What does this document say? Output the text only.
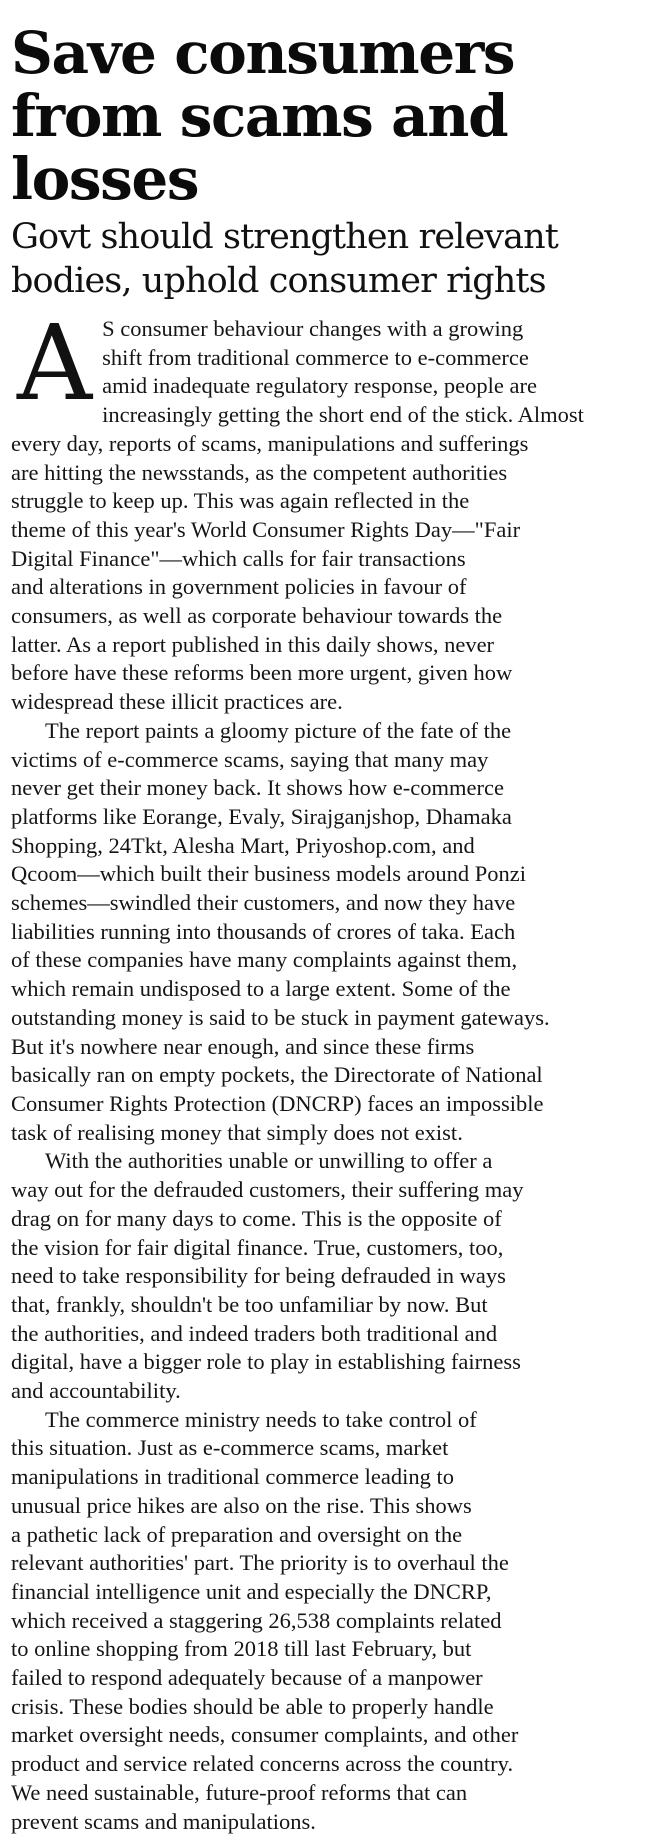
Save consumers
from scams and
losses
Govt should strengthen relevant
bodies, uphold consumer rights
A S consumer behaviour changes with a growing
shift from traditional commerce to e-commerce
amid inadequate regulatory response, people are
increasingly getting the short end of the stick. Almost
every day, reports of scams, manipulations and sufferings
are hitting the newsstands, as the competent authorities
struggle to keep up. This was again reflected in the
theme of this year's World Consumer Rights Day—"Fair
Digital Finance"—which calls for fair transactions
and alterations in government policies in favour of
consumers, as well as corporate behaviour towards the
latter. As a report published in this daily shows, never
before have these reforms been more urgent, given how
widespread these illicit practices are.
The report paints a gloomy picture of the fate of the
victims of e-commerce scams, saying that many may
never get their money back. It shows how e-commerce
platforms like Eorange, Evaly, Sirajganjshop, Dhamaka
Shopping, 24Tkt, Alesha Mart, Priyoshop.com, and
Qcoom—which built their business models around Ponzi
schemes—swindled their customers, and now they have
liabilities running into thousands of crores of taka. Each
of these companies have many complaints against them,
which remain undisposed to a large extent. Some of the
outstanding money is said to be stuck in payment gateways.
But it's nowhere near enough, and since these firms
basically ran on empty pockets, the Directorate of National
Consumer Rights Protection (DNCRP) faces an impossible
task of realising money that simply does not exist.
With the authorities unable or unwilling to offer a
way out for the defrauded customers, their suffering may
drag on for many days to come. This is the opposite of
the vision for fair digital finance. True, customers, too,
need to take responsibility for being defrauded in ways
that, frankly, shouldn't be too unfamiliar by now. But
the authorities, and indeed traders both traditional and
digital, have a bigger role to play in establishing fairness
and accountability.
The commerce ministry needs to take control of
this situation. Just as e-commerce scams, market
manipulations in traditional commerce leading to
unusual price hikes are also on the rise. This shows
a pathetic lack of preparation and oversight on the
relevant authorities' part. The priority is to overhaul the
financial intelligence unit and especially the DNCRP,
which received a staggering 26,538 complaints related
to online shopping from 2018 till last February, but
failed to respond adequately because of a manpower
crisis. These bodies should be able to properly handle
market oversight needs, consumer complaints, and other
product and service related concerns across the country.
We need sustainable, future-proof reforms that can
prevent scams and manipulations.
